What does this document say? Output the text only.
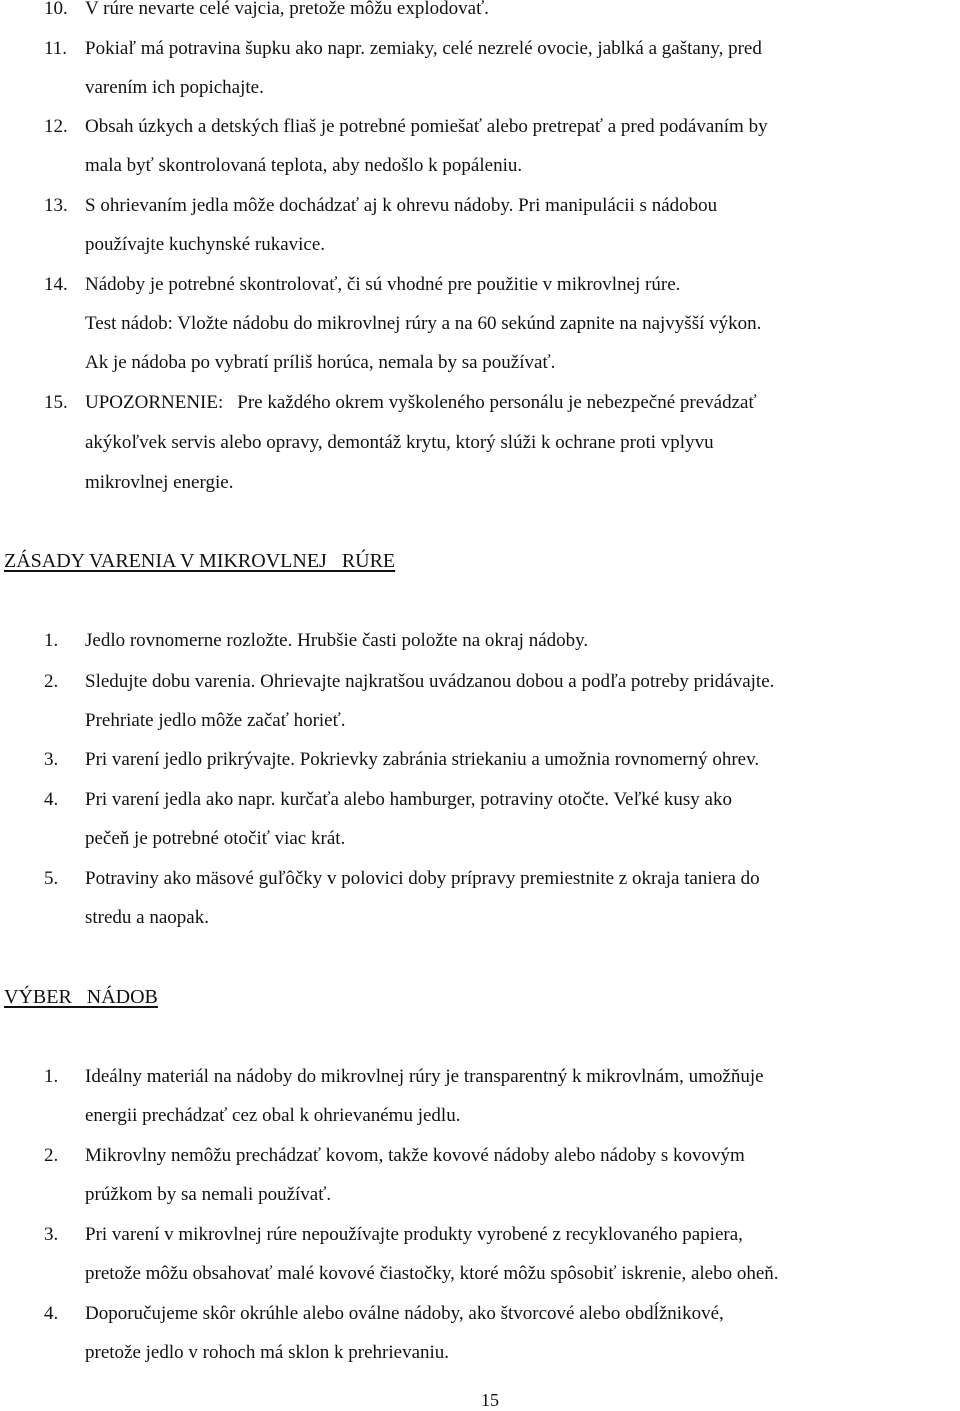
10. V rúre nevarte celé vajcia, pretože môžu explodovať.
11. Pokiaľ má potravina šupku ako napr. zemiaky, celé nezrelé ovocie, jablká a gaštany, pred
varením ich popichajte.
12. Obsah úzkych a detských fliaš je potrebné pomiešať alebo pretrepať a pred podávaním by
mala byť skontrolovaná teplota, aby nedošlo k popáleniu.
13. S ohrievaním jedla môže dochádzať aj k ohrevu nádoby. Pri manipulácii s nádobou
používajte kuchynské rukavice.
14. Nádoby je potrebné skontrolovať, či sú vhodné pre použitie v mikrovlnej rúre.
Test nádob: Vložte nádobu do mikrovlnej rúry a na 60 sekúnd zapnite na najvyšší výkon.
Ak je nádoba po vybratí príliš horúca, nemala by sa používať.
15. UPOZORNENIE: Pre každého okrem vyškoleného personálu je nebezpečné prevádzať
akýkoľvek servis alebo opravy, demontáž krytu, ktorý slúži k ochrane proti vplyvu
mikrovlnej energie.
ZÁSADY VARENIA V MIKROVLNEJ   RÚRE
1. Jedlo rovnomerne rozložte. Hrubšie časti položte na okraj nádoby.
2. Sledujte dobu varenia. Ohrievajte najkratšou uvádzanou dobou a podľa potreby pridávajte.
Prehriate jedlo môže začať horieť.
3. Pri varení jedlo prikrývajte. Pokrievky zabránia striekaniu a umožnia rovnomerný ohrev.
4. Pri varení jedla ako napr. kurčaťa alebo hamburger, potraviny otočte. Veľké kusy ako
pečeň je potrebné otočiť viac krát.
5. Potraviny ako mäsové guľôčky v polovici doby prípravy premiestnite z okraja taniera do
stredu a naopak.
VÝBER   NÁDOB
1. Ideálny materiál na nádoby do mikrovlnej rúry je transparentný k mikrovlnám, umožňuje
energii prechádzať cez obal k ohrievanému jedlu.
2. Mikrovlny nemôžu prechádzať kovom, takže kovové nádoby alebo nádoby s kovovým
prúžkom by sa nemali používať.
3. Pri varení v mikrovlnej rúre nepoužívajte produkty vyrobené z recyklovaného papiera,
pretože môžu obsahovať malé kovové čiastočky, ktoré môžu spôsobiť iskrenie, alebo oheň.
4. Doporučujeme skôr okrúhle alebo oválne nádoby, ako štvorcové alebo obdĺžnikové,
pretože jedlo v rohoch má sklon k prehrievaniu.
15
